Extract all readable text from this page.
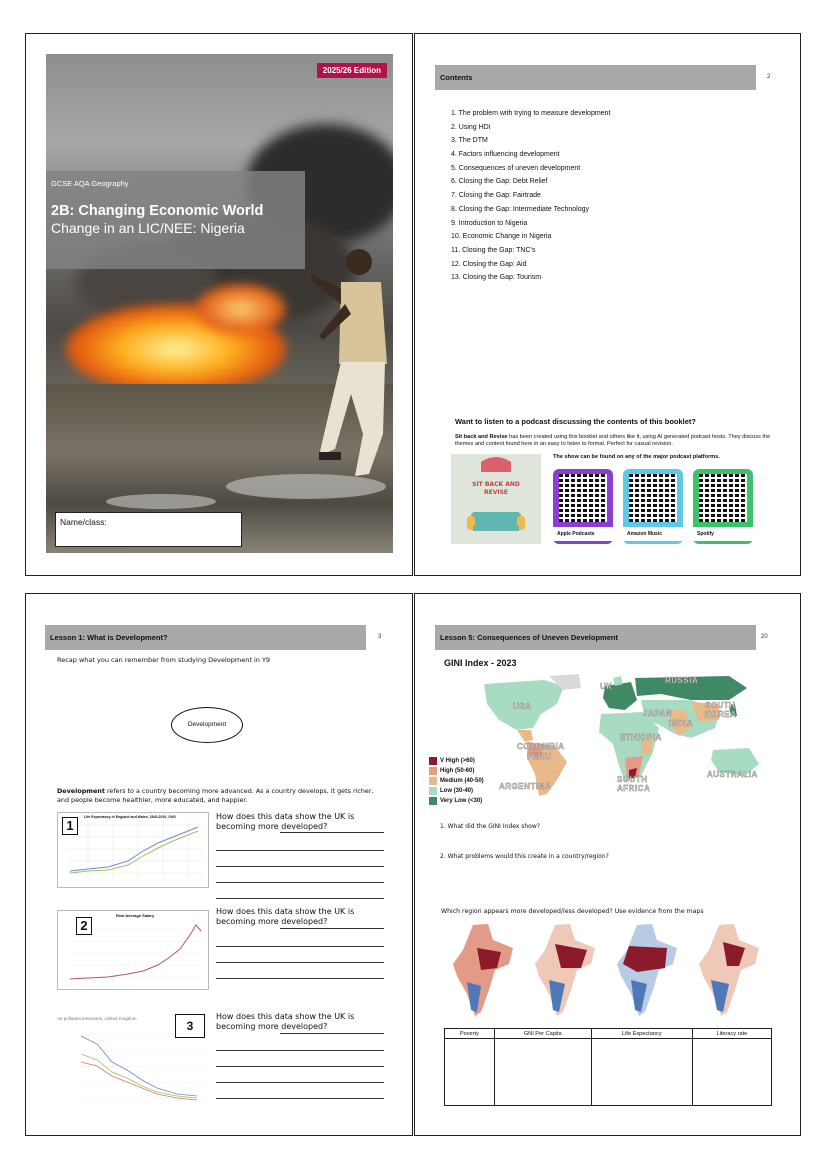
2025/26 Edition
GCSE AQA Geography
2B: Changing Economic World
Change in an LIC/NEE: Nigeria
Name/class:
Contents	2
1. The problem with trying to measure development
2. Using HDI
3. The DTM
4. Factors influencing development
5. Consequences of uneven development
6. Closing the Gap: Debt Relief
7. Closing the Gap: Fairtrade
8. Closing the Gap: Intermediate Technology
9. Introduction to Nigeria
10. Economic Change in Nigeria
11. Closing the Gap: TNC's
12. Closing the Gap: Aid
13. Closing the Gap: Tourism
Want to listen to a podcast discussing the contents of this booklet?
Sit back and Revise has been created using this booklet and others like it, using AI generated podcast hosts. They discuss the themes and content found here in an easy to listen to format. Perfect for casual revision.
SIT BACK AND
REVISE
The show can be found on any of the major podcast platforms.
Apple Podcasts	Amazon Music	Spotify
Lesson 1: What is Development?	3
Recap what you can remember from studying Development in Y9
Development
Development refers to a country becoming more advanced. As a country develops, it gets richer, and people become healthier, more educated, and happier.
1
Life Expectancy in England and Wales, 1840-2010, ONS	How does this data show the UK is becoming more developed?
2
Real Average Salary	How does this data show the UK is becoming more developed?
Air pollutant emissions, United Kingdom
3
How does this data show the UK is becoming more developed?
Lesson 5: Consequences of Uneven Development	20
GINI Index - 2023
UK
RUSSIA
USA	SOUTH
KOREA
JAPAN
INDIA
ETHIOPIA
COLOMBIA
PERU
ARGENTINA
SOUTH
AFRICA
AUSTRALIA
V High (>60)
High (50-60)
Medium (40-50)
Low (30-40)
Very Low (<30)
1. What did the GINI Index show?
2. What problems would this create in a country/region?
Which region appears more developed/less developed? Use evidence from the maps
Poverty	GNI Per Capita	Life Expectancy	Literacy rate
